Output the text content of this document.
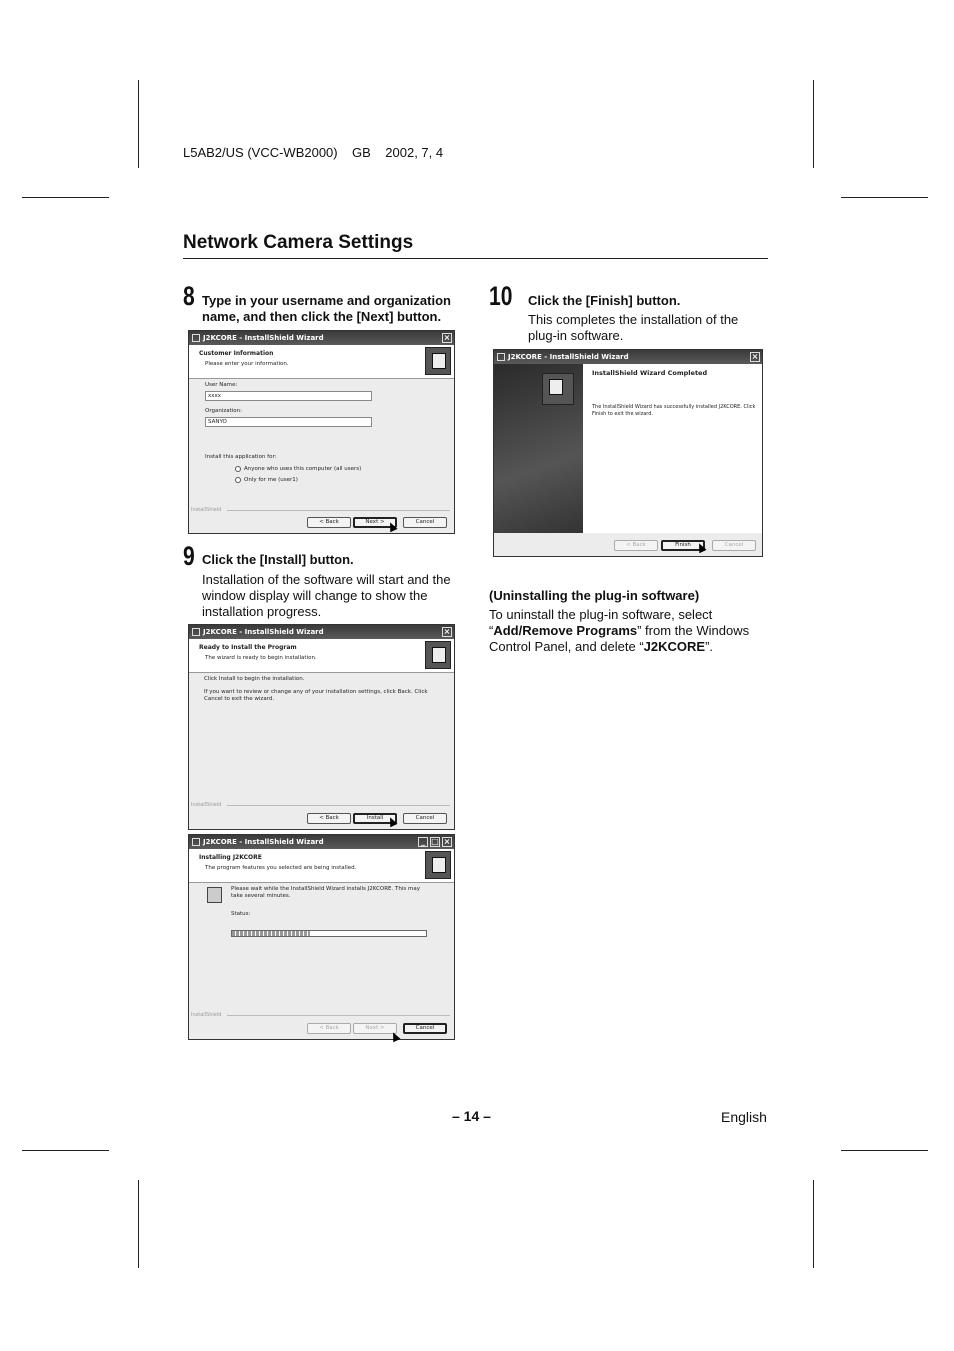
L5AB2/US (VCC-WB2000)    GB    2002, 7, 4
Network Camera Settings
8 Type in your username and organization name, and then click the [Next] button.
J2KCORE - InstallShield Wizard	×
Customer Information
Please enter your information.
User Name:
xxxx
Organization:
SANYO
Install this application for:
Anyone who uses this computer (all users)
Only for me (user1)
InstallShield
< Back	Next >	Cancel
9 Click the [Install] button.
Installation of the software will start and the window display will change to show the installation progress.
J2KCORE - InstallShield Wizard	×
Ready to Install the Program
The wizard is ready to begin installation.
Click Install to begin the installation.
If you want to review or change any of your installation settings, click Back. Click Cancel to exit the wizard.
InstallShield
< Back	Install	Cancel
J2KCORE - InstallShield Wizard	_ □ ×
Installing J2KCORE
The program features you selected are being installed.
Please wait while the InstallShield Wizard installs J2KCORE. This may take several minutes.
Status:
InstallShield
< Back	Next >	Cancel
10 Click the [Finish] button.
This completes the installation of the plug-in software.
J2KCORE - InstallShield Wizard	×
InstallShield Wizard Completed
The InstallShield Wizard has successfully installed J2KCORE. Click Finish to exit the wizard.
< Back	Finish	Cancel
(Uninstalling the plug-in software)
To uninstall the plug-in software, select
“Add/Remove Programs” from the Windows Control Panel, and delete “J2KCORE”.
– 14 –	English
